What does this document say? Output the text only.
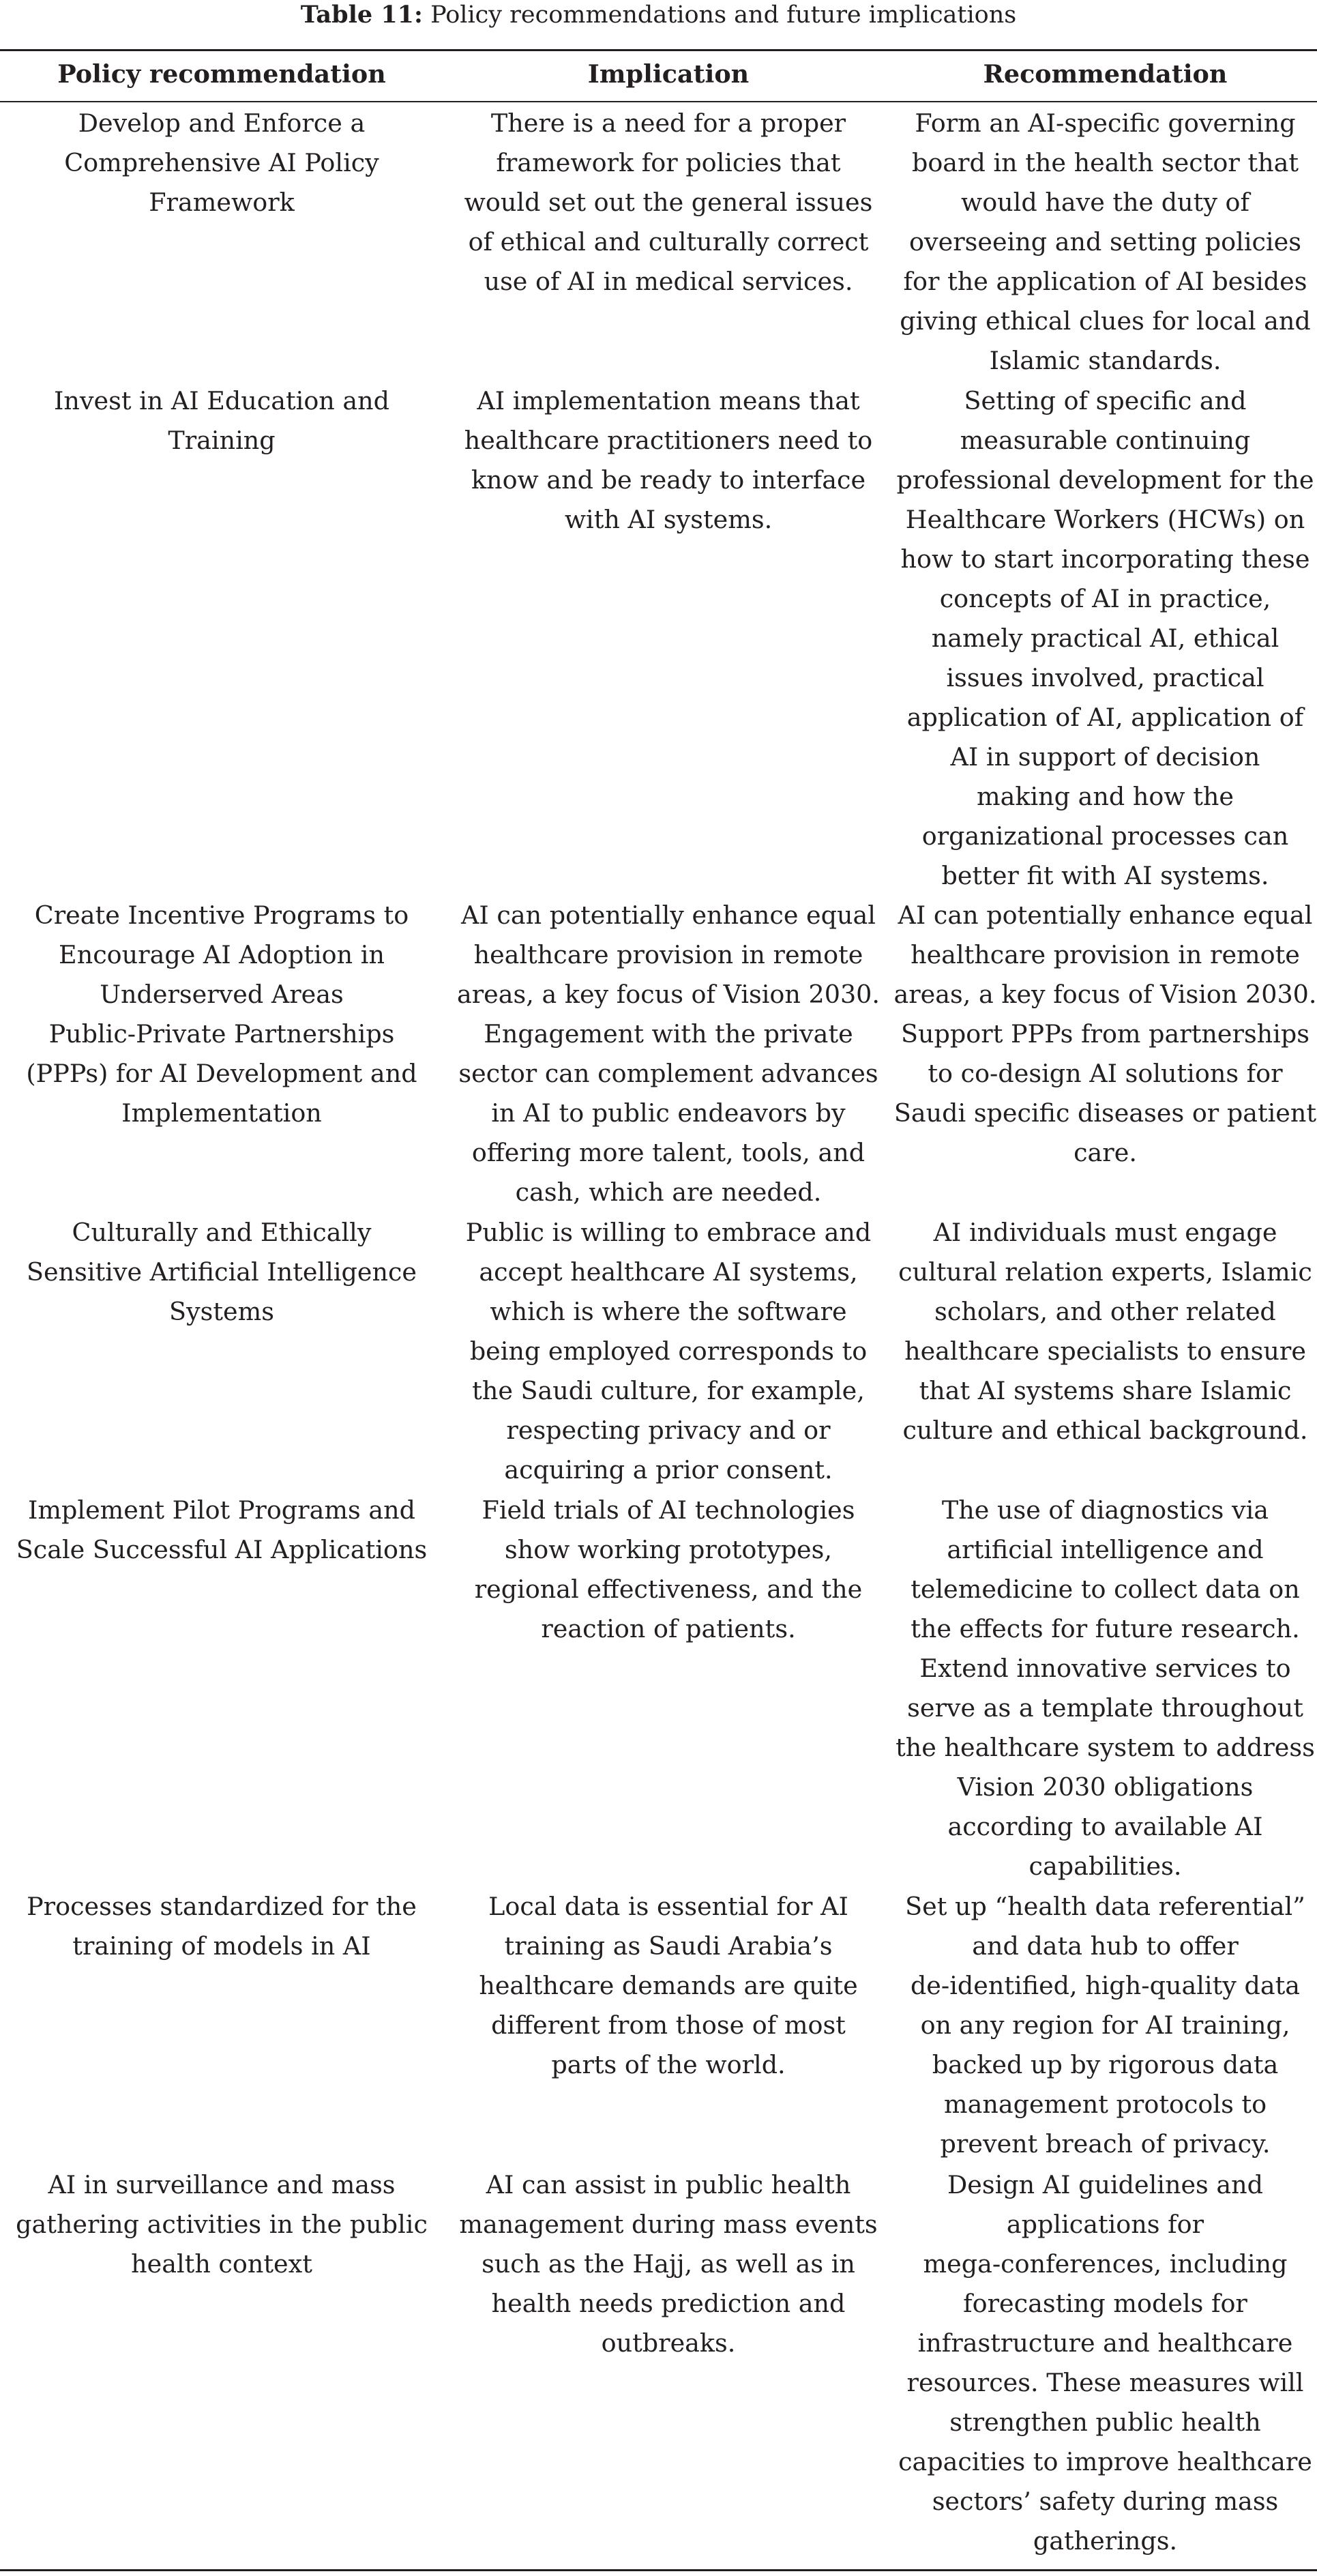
Table 11: Policy recommendations and future implications
Policy recommendation	Implication	Recommendation

Develop and Enforce a

Comprehensive AI Policy

Framework

There is a need for a proper

framework for policies that

would set out the general issues

of ethical and culturally correct

use of AI in medical services.

Form an AI-specific governing

board in the health sector that

would have the duty of

overseeing and setting policies

for the application of AI besides

giving ethical clues for local and

Islamic standards.

Invest in AI Education and

Training

AI implementation means that

healthcare practitioners need to

know and be ready to interface

with AI systems.

Setting of specific and

measurable continuing

professional development for the

Healthcare Workers (HCWs) on

how to start incorporating these

concepts of AI in practice,

namely practical AI, ethical

issues involved, practical

application of AI, application of

AI in support of decision

making and how the

organizational processes can

better fit with AI systems.

Create Incentive Programs to

Encourage AI Adoption in

Underserved Areas

Public-Private Partnerships

(PPPs) for AI Development and

Implementation

AI can potentially enhance equal

healthcare provision in remote

areas, a key focus of Vision 2030.

Engagement with the private

sector can complement advances

in AI to public endeavors by

offering more talent, tools, and

cash, which are needed.

AI can potentially enhance equal

healthcare provision in remote

areas, a key focus of Vision 2030.

Support PPPs from partnerships

to co-design AI solutions for

Saudi specific diseases or patient

care.

Culturally and Ethically

Sensitive Artificial Intelligence

Systems

Public is willing to embrace and

accept healthcare AI systems,

which is where the software

being employed corresponds to

the Saudi culture, for example,

respecting privacy and or

acquiring a prior consent.

AI individuals must engage

cultural relation experts, Islamic

scholars, and other related

healthcare specialists to ensure

that AI systems share Islamic

culture and ethical background.

Implement Pilot Programs and

Scale Successful AI Applications

Field trials of AI technologies

show working prototypes,

regional effectiveness, and the

reaction of patients.

The use of diagnostics via

artificial intelligence and

telemedicine to collect data on

the effects for future research.

Extend innovative services to

serve as a template throughout

the healthcare system to address

Vision 2030 obligations

according to available AI

capabilities.

Processes standardized for the

training of models in AI

Local data is essential for AI

training as Saudi Arabia’s

healthcare demands are quite

different from those of most

parts of the world.

Set up “health data referential”

and data hub to offer

de-identified, high-quality data

on any region for AI training,

backed up by rigorous data

management protocols to

prevent breach of privacy.

AI in surveillance and mass

gathering activities in the public

health context

AI can assist in public health

management during mass events

such as the Hajj, as well as in

health needs prediction and

outbreaks.

Design AI guidelines and

applications for

mega-conferences, including

forecasting models for

infrastructure and healthcare

resources. These measures will

strengthen public health

capacities to improve healthcare

sectors’ safety during mass

gatherings.
